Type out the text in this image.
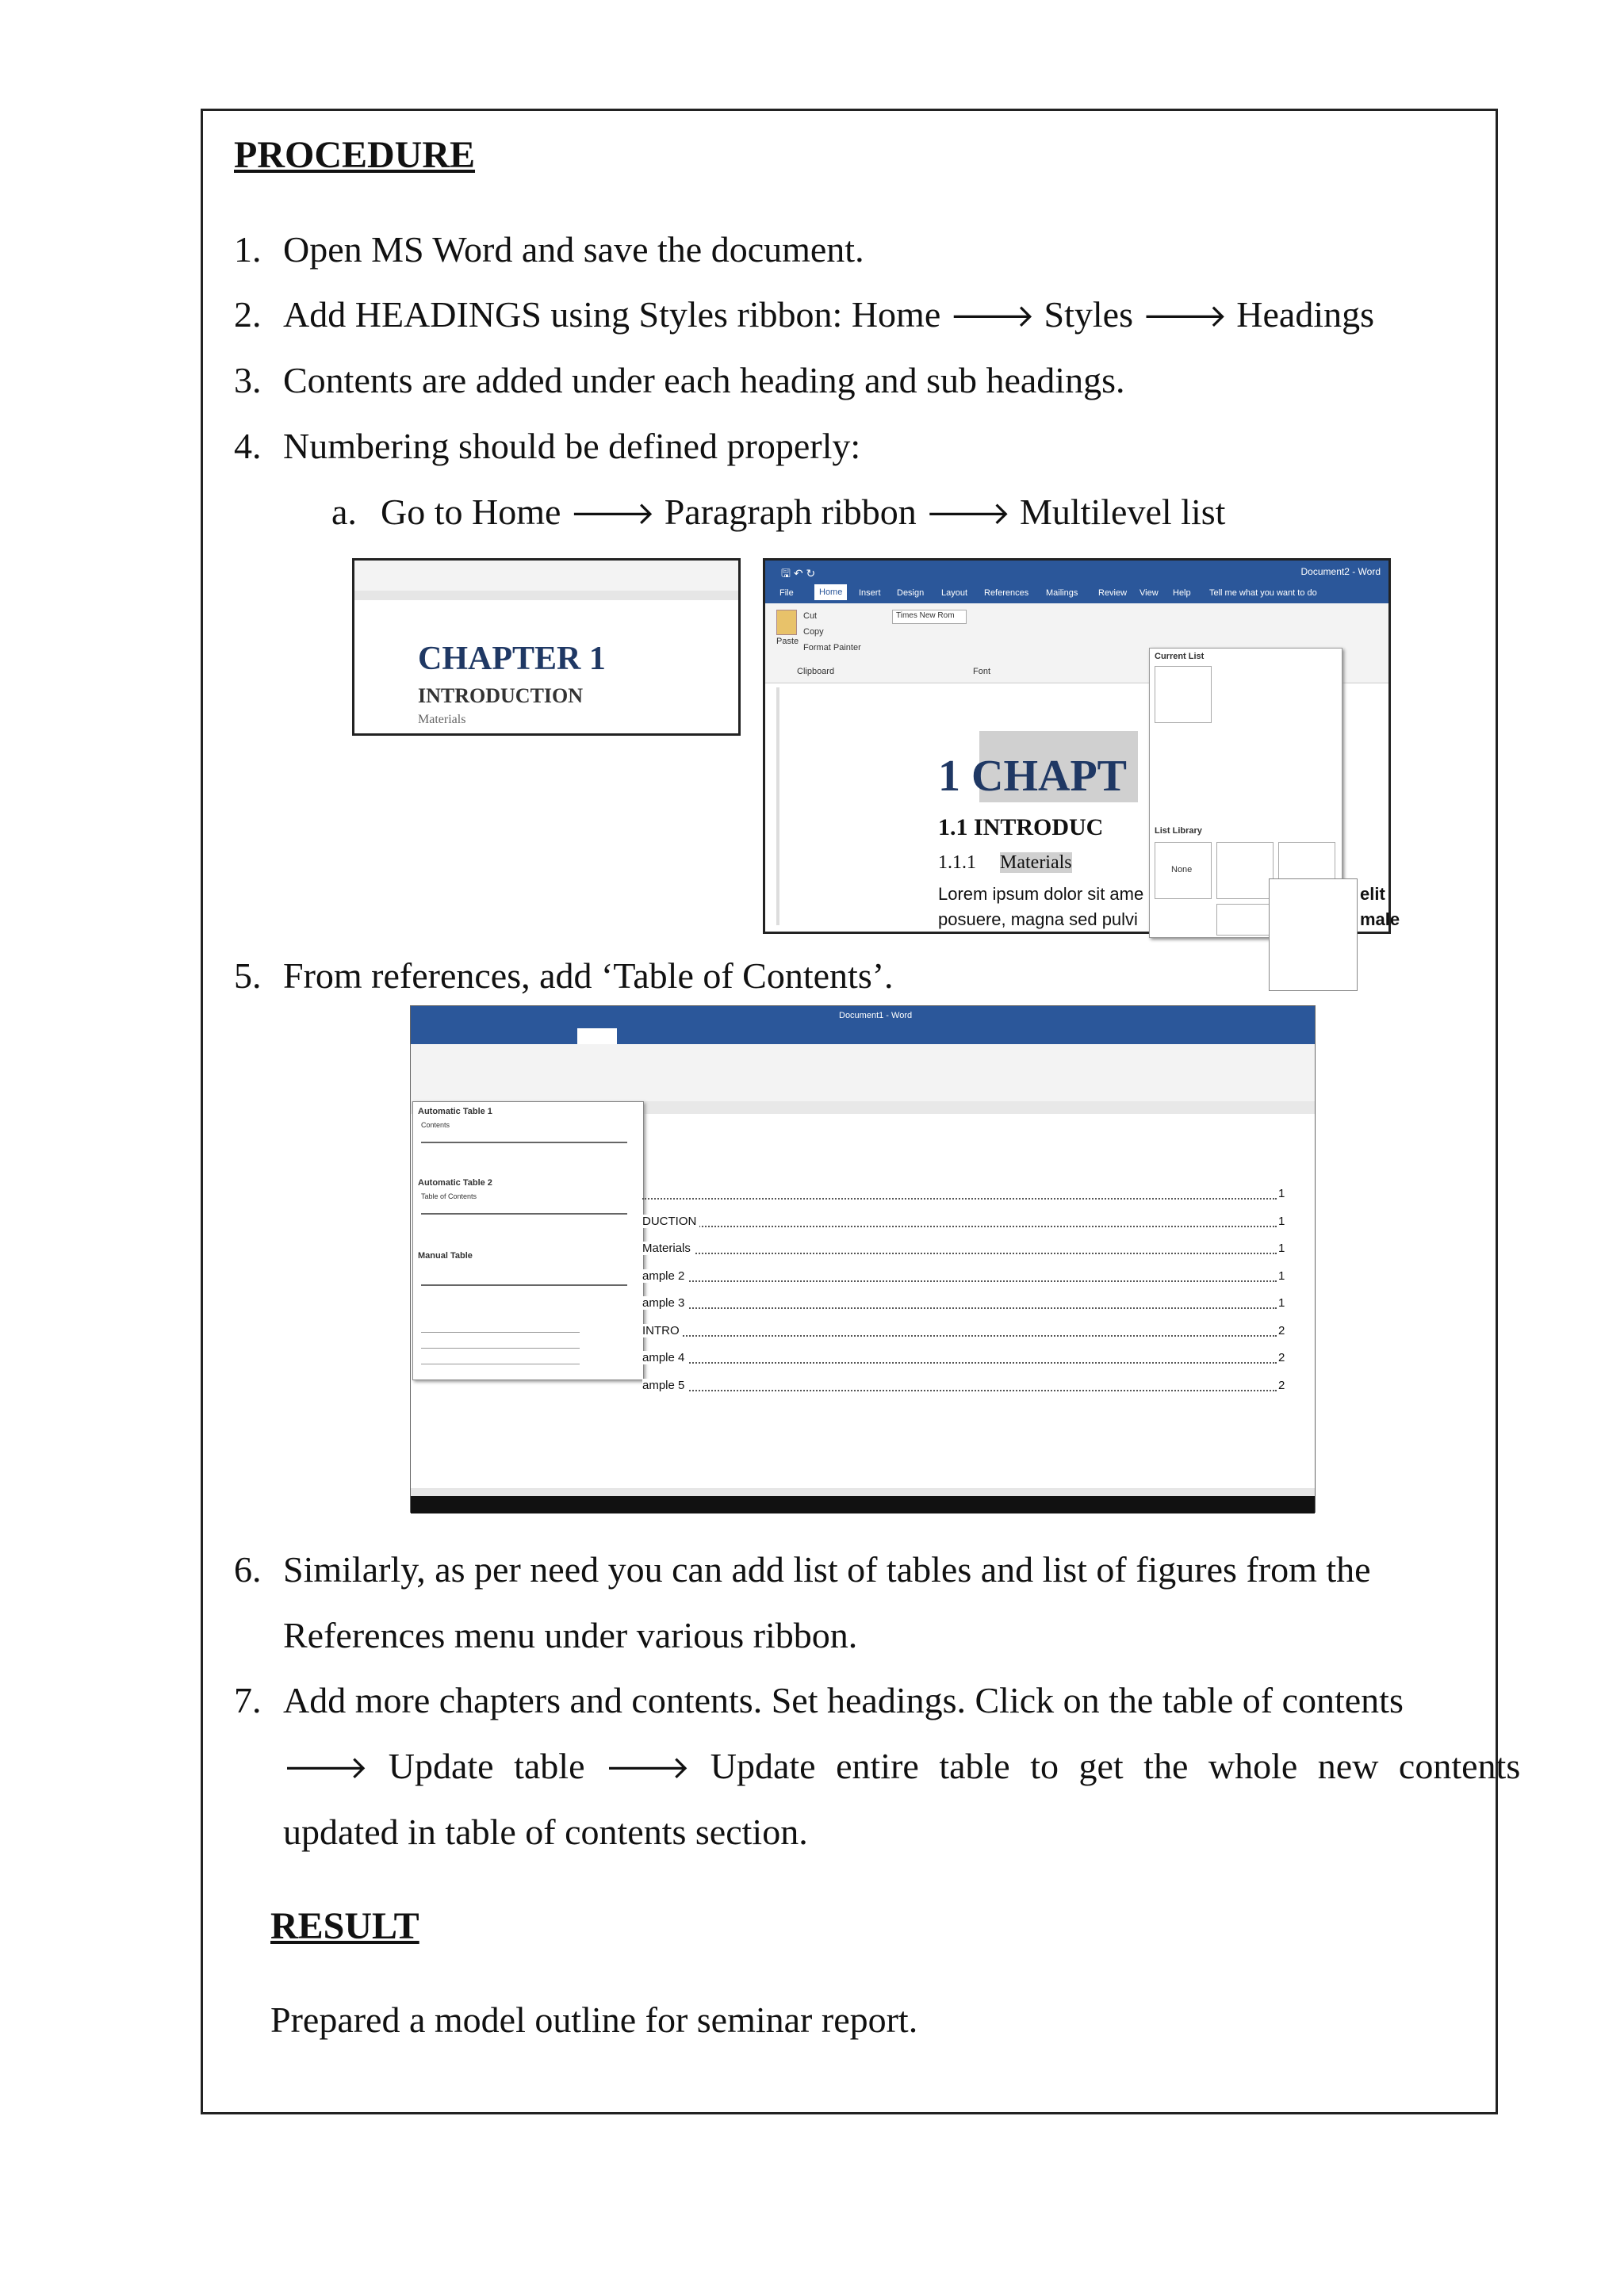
PROCEDURE
1. Open MS Word and save the document.
2. Add HEADINGS using Styles ribbon: Home 🡒 Styles 🡒 Headings
3. Contents are added under each heading and sub headings.
4. Numbering should be defined properly:
a. Go to Home 🡒 Paragraph ribbon 🡒 Multilevel list
CHAPTER 1
INTRODUCTION
Materials
🖫 ↶ ↻	Document2 - Word
File	Home	Insert Design Layout References Mailings Review View Help Tell me what you want to do
Paste
Cut
Copy
Format Painter
Clipboard
Times New Rom
Font
1 CHAPT
1.1 INTRODUC
1.1.1 Materials
Lorem ipsum dolor sit ame
posuere, magna sed pulvi
elit
male
Current List
List Library
None
5. From references, add ‘Table of Contents’.
Document1 - Word
Automatic Table 1
Contents
Automatic Table 2
Table of Contents
Manual Table
1
DUCTION	1
Materials	1
ample 2	1
ample 3	1
INTRO	2
ample 4	2
ample 5	2
6. Similarly, as per need you can add list of tables and list of figures from the
References menu under various ribbon.
7. Add more chapters and contents. Set headings. Click on the table of contents
🡒 Update table 🡒 Update entire table to get the whole new contents
updated in table of contents section.
RESULT
Prepared a model outline for seminar report.
